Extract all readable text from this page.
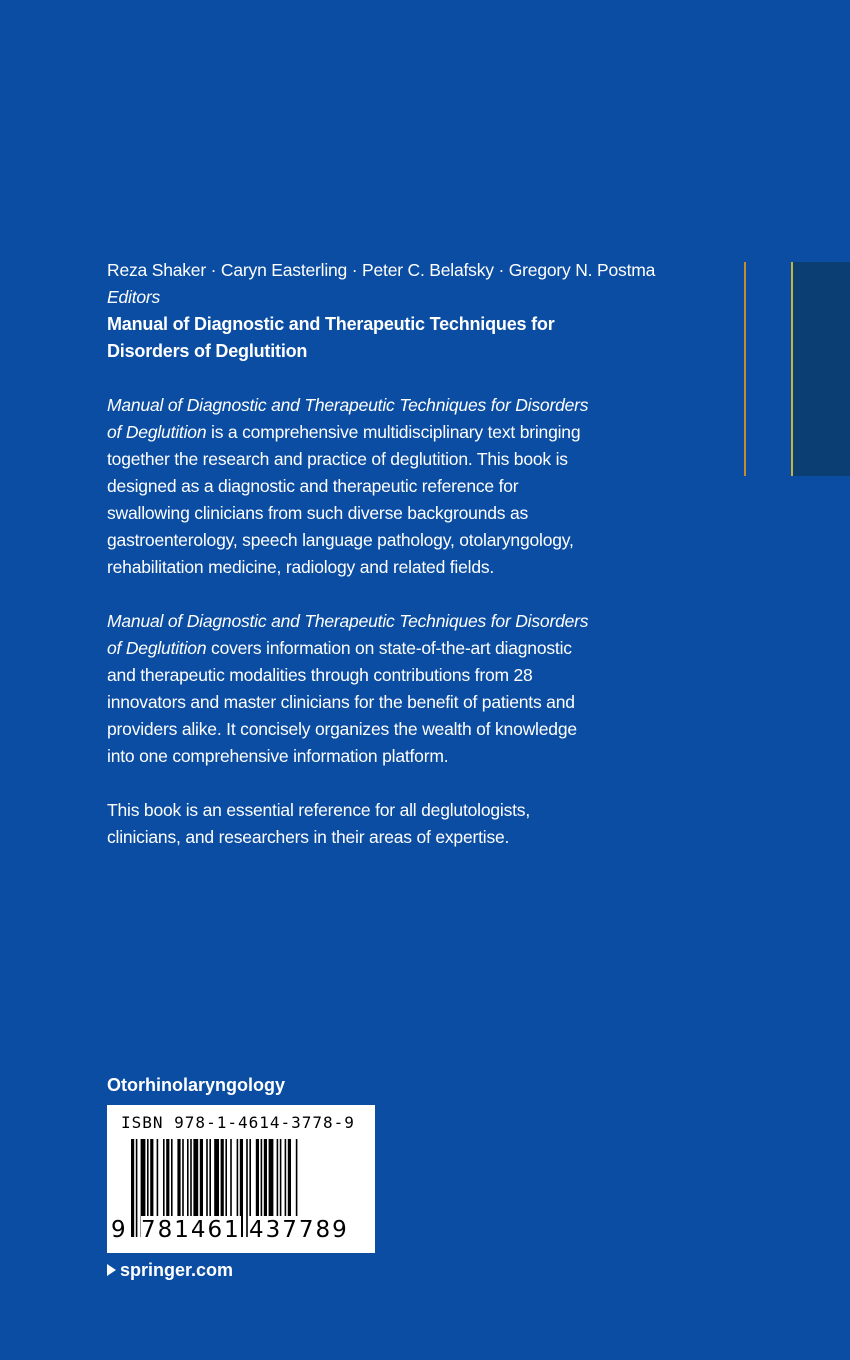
Reza Shaker · Caryn Easterling · Peter C. Belafsky · Gregory N. Postma
Editors
Manual of Diagnostic and Therapeutic Techniques for
Disorders of Deglutition
Manual of Diagnostic and Therapeutic Techniques for Disorders of Deglutition is a comprehensive multidisciplinary text bringing together the research and practice of deglutition. This book is designed as a diagnostic and therapeutic reference for swallowing clinicians from such diverse backgrounds as gastroenterology, speech language pathology, otolaryngology, rehabilitation medicine, radiology and related fields.
Manual of Diagnostic and Therapeutic Techniques for Disorders of Deglutition covers information on state-of-the-art diagnostic and therapeutic modalities through contributions from 28 innovators and master clinicians for the benefit of patients and providers alike. It concisely organizes the wealth of knowledge into one comprehensive information platform.
This book is an essential reference for all deglutologists, clinicians, and researchers in their areas of expertise.
Otorhinolaryngology
ISBN 978-1-4614-3778-9
9 781461 437789
springer.com
